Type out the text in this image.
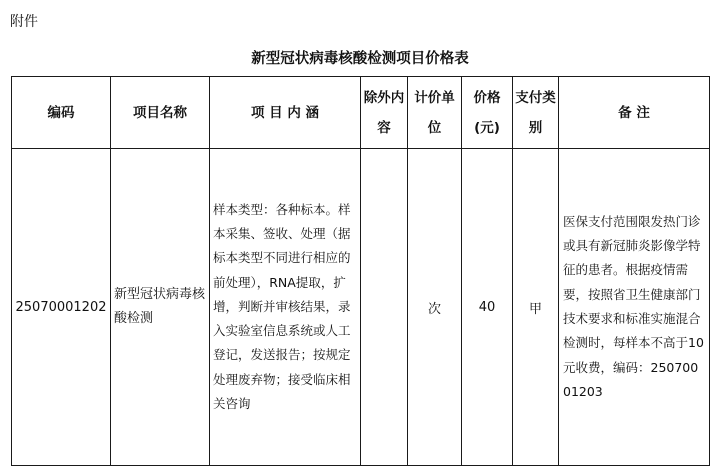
附件
新型冠状病毒核酸检测项目价格表
编码	项目名称	项 目 内 涵	除外内容	计价单位	价格(元)	支付类别	备 注
25070001202	新型冠状病毒核酸检测	样本类型：各种标本。样本采集、签收、处理（据标本类型不同进行相应的前处理），RNA提取，扩增，判断并审核结果，录入实验室信息系统或人工登记，发送报告；按规定处理废弃物；接受临床相关咨询		次	40	甲	医保支付范围限发热门诊或具有新冠肺炎影像学特征的患者。根据疫情需要，按照省卫生健康部门技术要求和标准实施混合检测时，每样本不高于10元收费，编码：25070001203
